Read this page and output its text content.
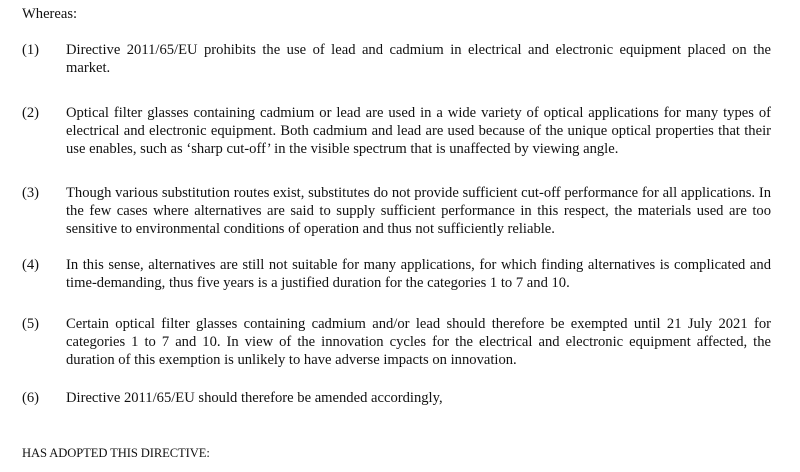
Whereas:
(1)	Directive 2011/65/EU prohibits the use of lead and cadmium in electrical and electronic equipment placed on the market.
(2)	Optical filter glasses containing cadmium or lead are used in a wide variety of optical applications for many types of electrical and electronic equipment. Both cadmium and lead are used because of the unique optical properties that their use enables, such as ‘sharp cut-off’ in the visible spectrum that is unaffected by viewing angle.
(3)	Though various substitution routes exist, substitutes do not provide sufficient cut-off performance for all applications. In the few cases where alternatives are said to supply sufficient performance in this respect, the materials used are too sensitive to environmental conditions of operation and thus not sufficiently reliable.
(4)	In this sense, alternatives are still not suitable for many applications, for which finding alternatives is complicated and time-demanding, thus five years is a justified duration for the categories 1 to 7 and 10.
(5)	Certain optical filter glasses containing cadmium and/or lead should therefore be exempted until 21 July 2021 for categories 1 to 7 and 10. In view of the innovation cycles for the electrical and electronic equipment affected, the duration of this exemption is unlikely to have adverse impacts on innovation.
(6)	Directive 2011/65/EU should therefore be amended accordingly,
HAS ADOPTED THIS DIRECTIVE:
